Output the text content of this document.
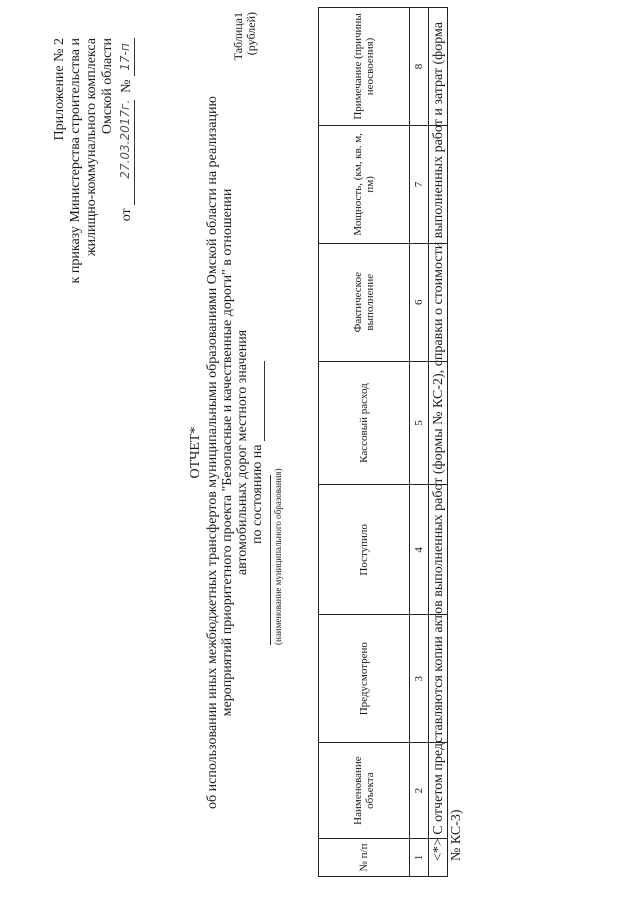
Приложение № 2 к приказу Министерства строительства и жилищно-коммунального комплекса Омской области
от 27.03.2017г.  № 17-п
ОТЧЕТ* об использовании иных межбюджетных трансфертов муниципальными образованиями Омской области на реализацию мероприятий приоритетного проекта "Безопасные и качественные дороги" в отношении автомобильных дорог местного значения по состоянию на (наименование муниципального образования)
Таблица1 (рублей)
№ п/п	Наименование объекта	Предусмотрено	Поступило	Кассовый расход	Фактическое выполнение	Мощность, (км, кв. м, пм)	Примечание (причины неосвоения)
1	2	3	4	5	6	7	8
							<*> С отчетом представляются копии актов выполненных работ (формы № КС-2), справки о стоимости выполненных работ и затрат (форма № КС-3)
